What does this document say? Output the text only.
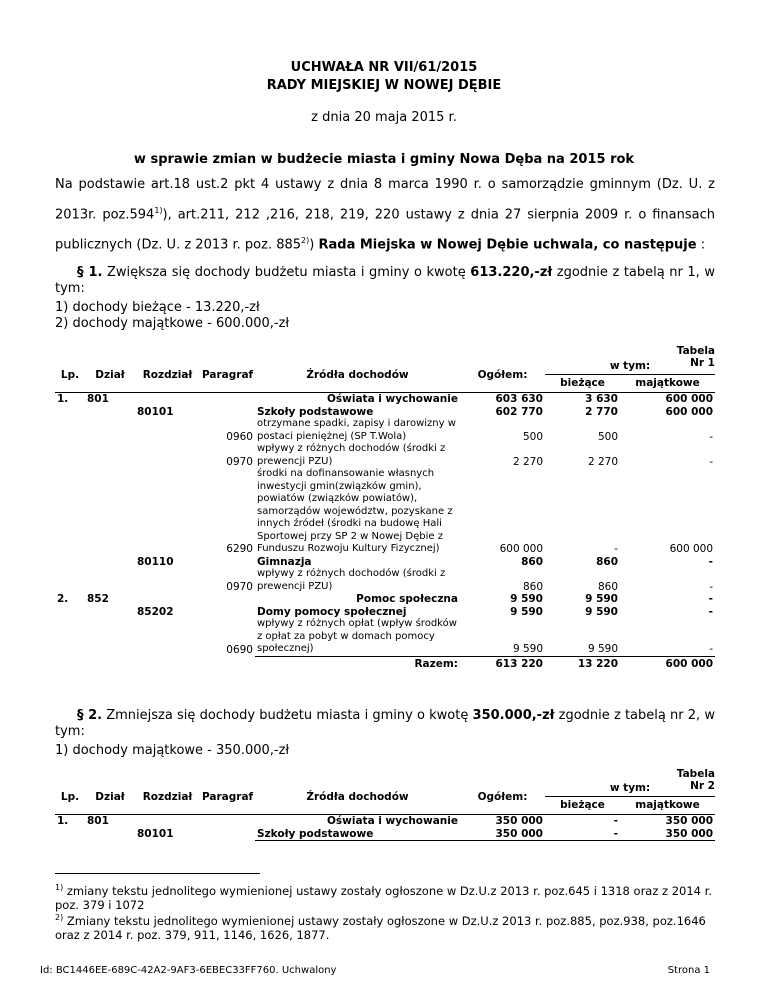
UCHWAŁA NR VII/61/2015
RADY MIEJSKIEJ W NOWEJ DĘBIE
z dnia 20 maja 2015 r.
w sprawie zmian w budżecie miasta i gminy Nowa Dęba na 2015 rok
Na podstawie art.18 ust.2 pkt 4 ustawy z dnia 8 marca 1990 r. o samorządzie gminnym (Dz. U. z 2013r. poz.594$^{1)}$), art.211, 212 ,216, 218, 219, 220 ustawy z dnia 27 sierpnia 2009 r. o finansach publicznych (Dz. U. z 2013 r. poz. 885$^{2)}$) Rada Miejska w Nowej Dębie uchwala, co następuje :
§ 1. Zwiększa się dochody budżetu miasta i gminy o kwotę 613.220,-zł zgodnie z tabelą nr 1, w tym:
1) dochody bieżące - 13.220,-zł
2) dochody majątkowe - 600.000,-zł
Tabela Nr 1
Lp.	Dział	Rozdział	Paragraf	Źródła dochodów	Ogółem:	w tym:	
						bieżące	majątkowe
1.	801			Oświata i wychowanie	603 630	3 630	600 000
		80101		Szkoły podstawowe	602 770	2 770	600 000
			0960	otrzymane spadki, zapisy i darowizny w postaci pieniężnej (SP T.Wola)	500	500	-
			0970	wpływy z różnych dochodów (środki z prewencji PZU)	2 270	2 270	-
			6290	środki na dofinansowanie własnych inwestycji gmin(związków gmin), powiatów (związków powiatów), samorządów województw, pozyskane z innych źródeł (środki na budowę Hali Sportowej przy SP 2 w Nowej Dębie z Funduszu Rozwoju Kultury Fizycznej)	600 000	-	600 000
		80110		Gimnazja	860	860	-
			0970	wpływy z różnych dochodów (środki z prewencji PZU)	860	860	-
2.	852			Pomoc społeczna	9 590	9 590	-
		85202		Domy pomocy społecznej	9 590	9 590	-
			0690	wpływy z różnych opłat (wpływ środków z opłat za pobyt w domach pomocy społecznej)	9 590	9 590	-
				Razem:	613 220	13 220	600 000
§ 2. Zmniejsza się dochody budżetu miasta i gminy o kwotę 350.000,-zł zgodnie z tabelą nr 2, w tym:
1) dochody majątkowe - 350.000,-zł
Tabela Nr 2
Lp.	Dział	Rozdział	Paragraf	Źródła dochodów	Ogółem:	w tym:	
						bieżące	majątkowe
1.	801			Oświata i wychowanie	350 000	-	350 000
		80101		Szkoły podstawowe	350 000	-	350 000
$^{1)}$ zmiany tekstu jednolitego wymienionej ustawy zostały ogłoszone w Dz.U.z 2013 r. poz.645 i 1318 oraz z 2014 r. poz. 379 i 1072
$^{2)}$ Zmiany tekstu jednolitego wymienionej ustawy zostały ogłoszone w Dz.U.z 2013 r. poz.885, poz.938, poz.1646 oraz z 2014 r. poz. 379, 911, 1146, 1626, 1877.
Id: BC1446EE-689C-42A2-9AF3-6EBEC33FF760. Uchwalony	Strona 1
